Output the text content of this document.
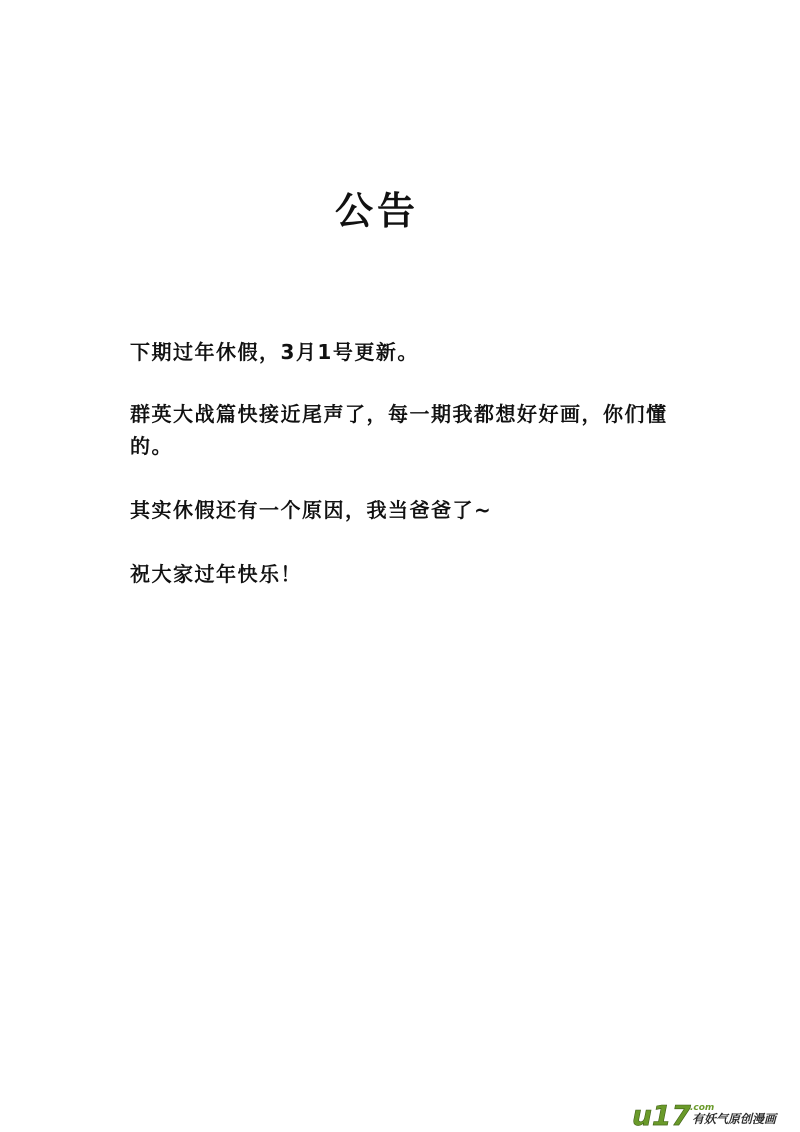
公告

下期过年休假，3月1号更新。

群英大战篇快接近尾声了，每一期我都想好好画，你们懂的。

其实休假还有一个原因，我当爸爸了~

祝大家过年快乐！

u17 .com
有妖气原创漫画
